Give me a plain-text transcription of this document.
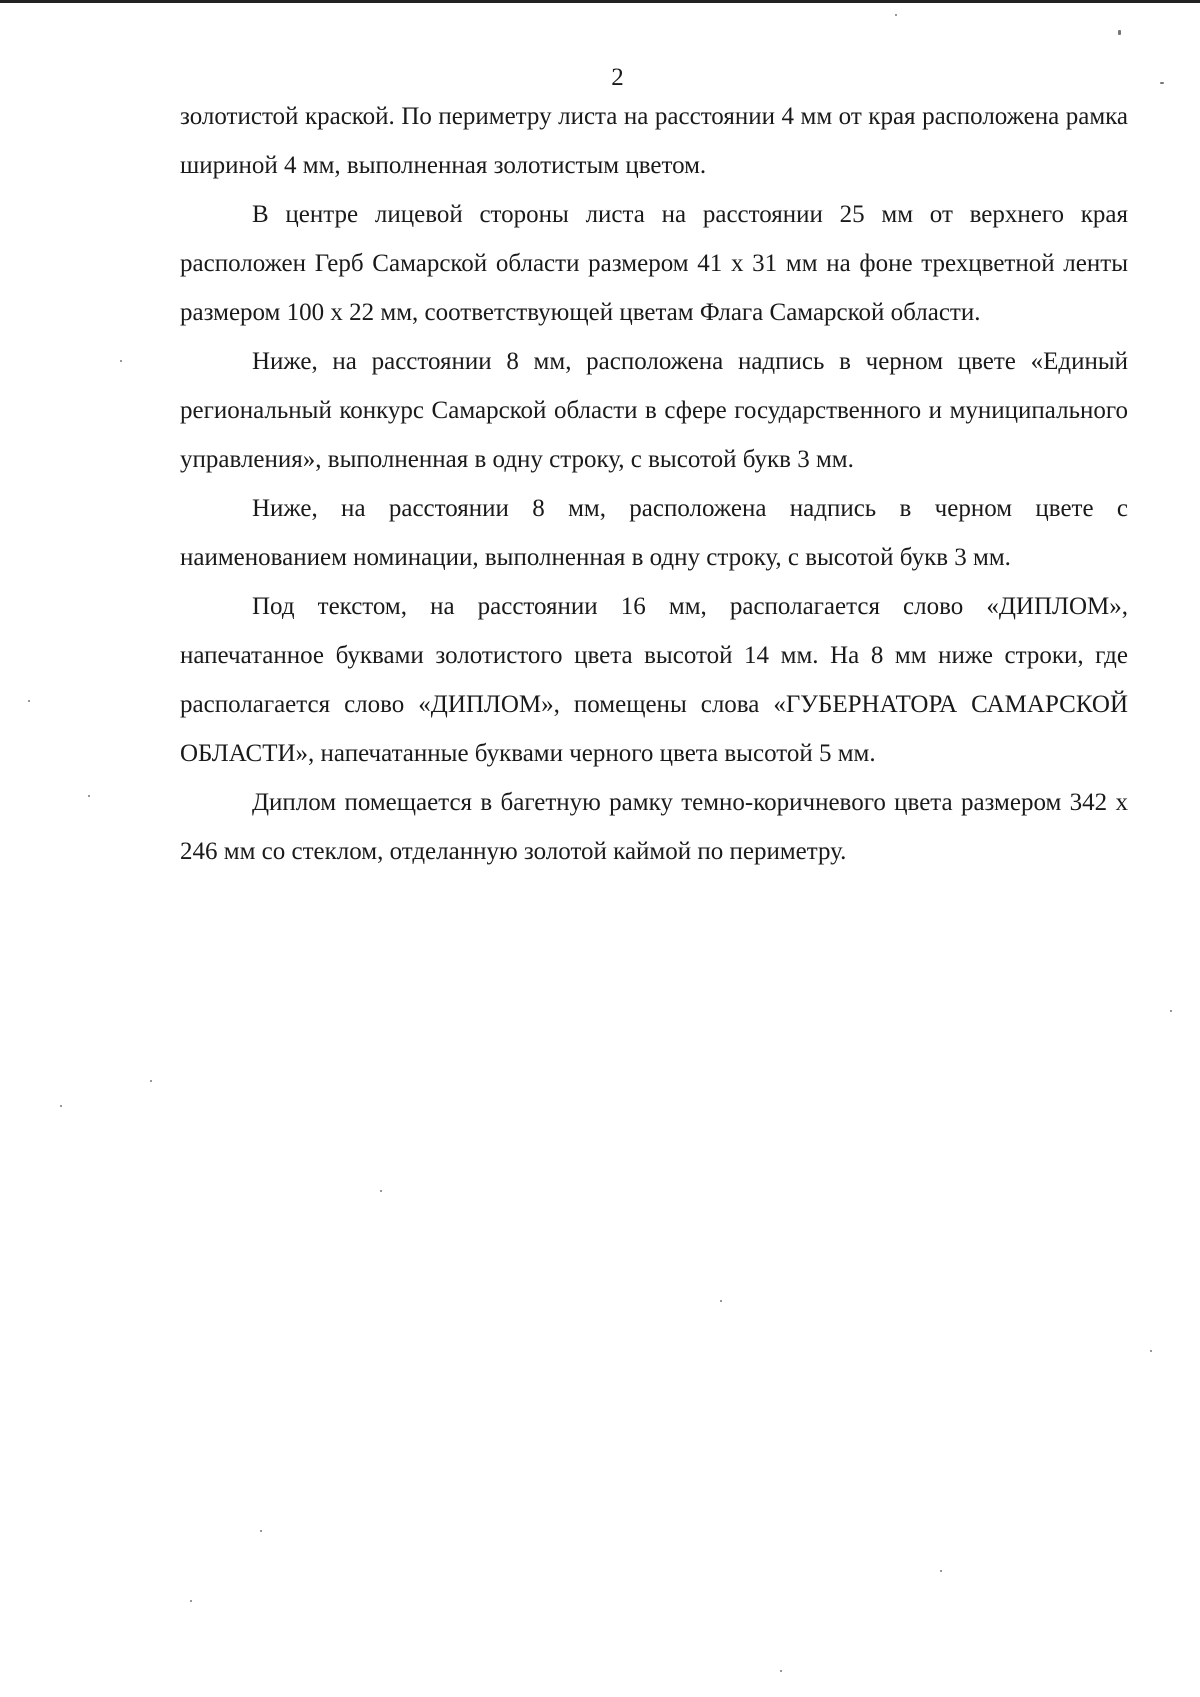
2

золотистой краской. По периметру листа на расстоянии 4 мм от края расположена рамка шириной 4 мм, выполненная золотистым цветом.

В центре лицевой стороны листа на расстоянии 25 мм от верхнего края расположен Герб Самарской области размером 41 х 31 мм на фоне трехцветной ленты размером 100 х 22 мм, соответствующей цветам Флага Самарской области.

Ниже, на расстоянии 8 мм, расположена надпись в черном цвете «Единый региональный конкурс Самарской области в сфере государственного и муниципального управления», выполненная в одну строку, с высотой букв 3 мм.

Ниже, на расстоянии 8 мм, расположена надпись в черном цвете с наименованием номинации, выполненная в одну строку, с высотой букв 3 мм.

Под текстом, на расстоянии 16 мм, располагается слово «ДИПЛОМ», напечатанное буквами золотистого цвета высотой 14 мм. На 8 мм ниже строки, где располагается слово «ДИПЛОМ», помещены слова «ГУБЕРНАТОРА САМАРСКОЙ ОБЛАСТИ», напечатанные буквами черного цвета высотой 5 мм.

Диплом помещается в багетную рамку темно-коричневого цвета размером 342 х 246 мм со стеклом, отделанную золотой каймой по периметру.
